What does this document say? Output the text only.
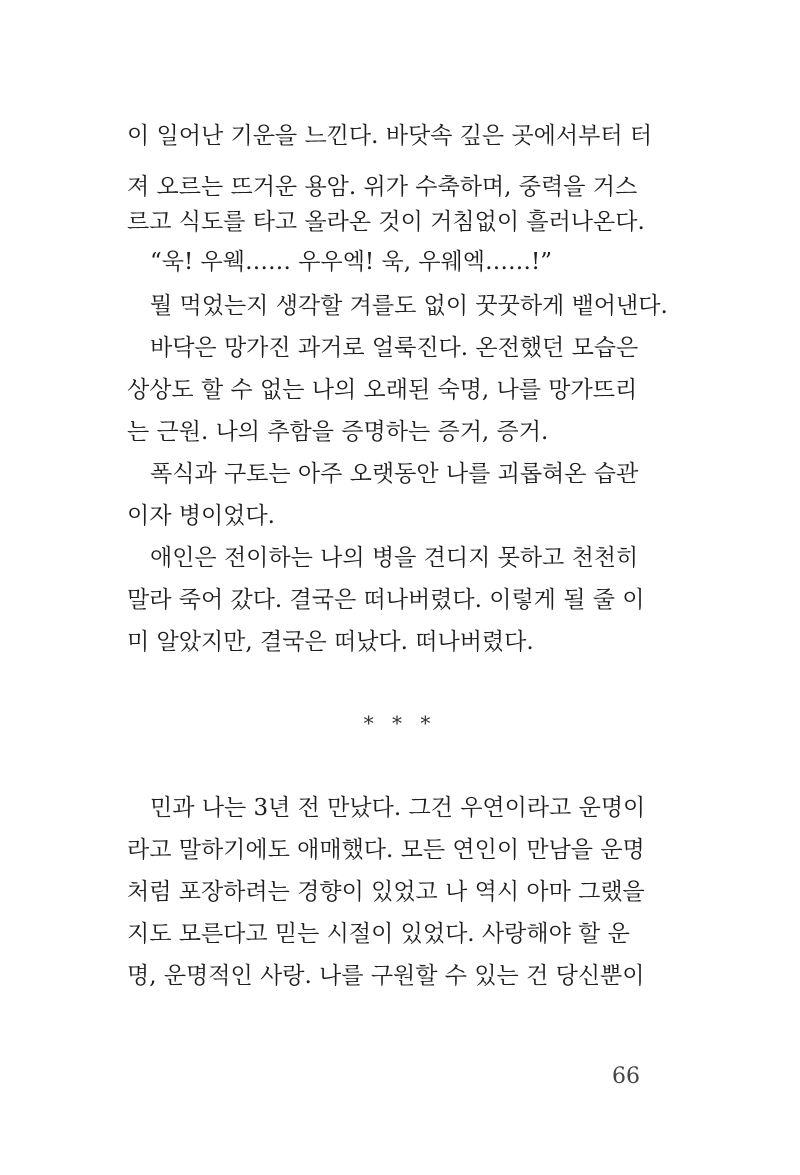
이 일어난 기운을 느낀다. 바닷속 깊은 곳에서부터 터
져 오르는 뜨거운 용암. 위가 수축하며, 중력을 거스
르고 식도를 타고 올라온 것이 거침없이 흘러나온다.
“욱! 우웩…… 우우엑! 욱, 우웨엑……!”
뭘 먹었는지 생각할 겨를도 없이 꿋꿋하게 뱉어낸다.
바닥은 망가진 과거로 얼룩진다. 온전했던 모습은
상상도 할 수 없는 나의 오래된 숙명, 나를 망가뜨리
는 근원. 나의 추함을 증명하는 증거, 증거.
폭식과 구토는 아주 오랫동안 나를 괴롭혀온 습관
이자 병이었다.
애인은 전이하는 나의 병을 견디지 못하고 천천히
말라 죽어 갔다. 결국은 떠나버렸다. 이렇게 될 줄 이
미 알았지만, 결국은 떠났다. 떠나버렸다.
* * *
민과 나는 3년 전 만났다. 그건 우연이라고 운명이
라고 말하기에도 애매했다. 모든 연인이 만남을 운명
처럼 포장하려는 경향이 있었고 나 역시 아마 그랬을
지도 모른다고 믿는 시절이 있었다. 사랑해야 할 운
명, 운명적인 사랑. 나를 구원할 수 있는 건 당신뿐이
66
